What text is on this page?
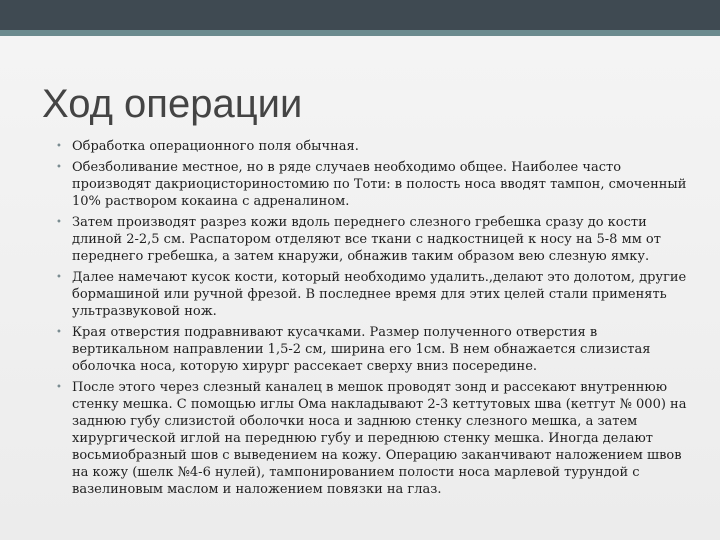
Ход операции
• Обработка операционного поля обычная.
• Обезболивание местное, но в ряде случаев необходимо общее. Наиболее часто производят дакриоцисториностомию по Тоти: в полость носа вводят тампон, смоченный 10% раствором кокаина с адреналином.
• Затем производят разрез кожи вдоль переднего слезного гребешка сразу до кости длиной 2-2,5 см. Распатором отделяют все ткани с надкостницей к носу на 5-8 мм от переднего гребешка, а затем кнаружи, обнажив таким образом вею слезную ямку.
• Далее намечают кусок кости, который необходимо удалить.,делают это долотом, другие бормашиной или ручной фрезой. В последнее время для этих целей стали применять ультразвуковой нож.
• Края отверстия подравнивают кусачками. Размер полученного отверстия в вертикальном направлении 1,5-2 см, ширина его 1см. В нем обнажается слизистая оболочка носа, которую хирург рассекает сверху вниз посередине.
• После этого через слезный каналец в мешок проводят зонд и рассекают внутреннюю стенку мешка. С помощью иглы Ома накладывают 2-3 кеттутовых шва (кетгут № 000) на заднюю губу слизистой оболочки носа и заднюю стенку слезного мешка, а затем хирургической иглой на переднюю губу и переднюю стенку мешка. Иногда делают восьмиобразный шов с выведением на кожу. Операцию заканчивают наложением швов на кожу (шелк №4-6 нулей), тампонированием полости носа марлевой турундой с вазелиновым маслом и наложением повязки на глаз.
